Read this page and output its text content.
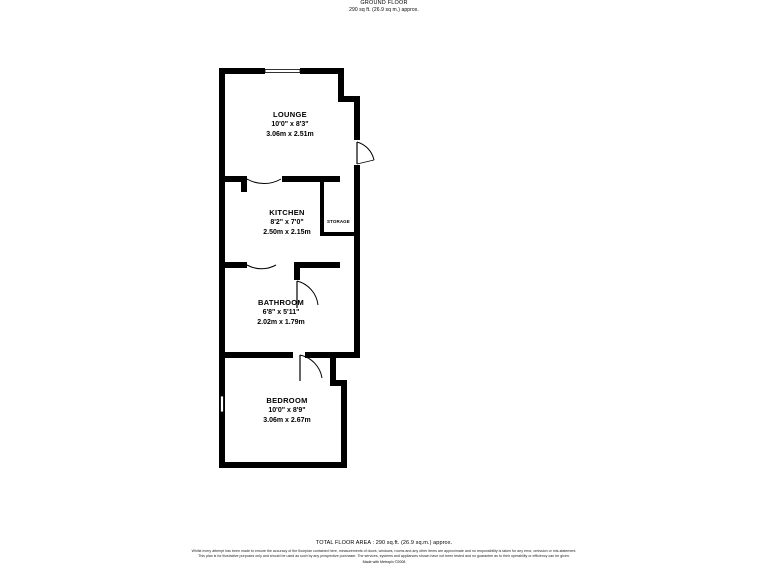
GROUND FLOOR
290 sq ft. (26.9 sq m.) approx.
LOUNGE
10'0" x 8'3"
3.06m x 2.51m
KITCHEN
8'2" x 7'0"
2.50m x 2.15m
STORAGE
BATHROOM
6'8" x 5'11"
2.02m x 1.79m
BEDROOM
10'0" x 8'9"
3.06m x 2.67m
TOTAL FLOOR AREA : 290 sq.ft. (26.9 sq.m.) approx.
Whilst every attempt has been made to ensure the accuracy of the floorplan contained here, measurements of doors, windows, rooms and any other items are approximate and no responsibility is taken for any error, omission or mis-statement. This plan is for illustrative purposes only and should be used as such by any prospective purchaser. The services, systems and appliances shown have not been tested and no guarantee as to their operability or efficiency can be given.
Made with Metropix ©2008
